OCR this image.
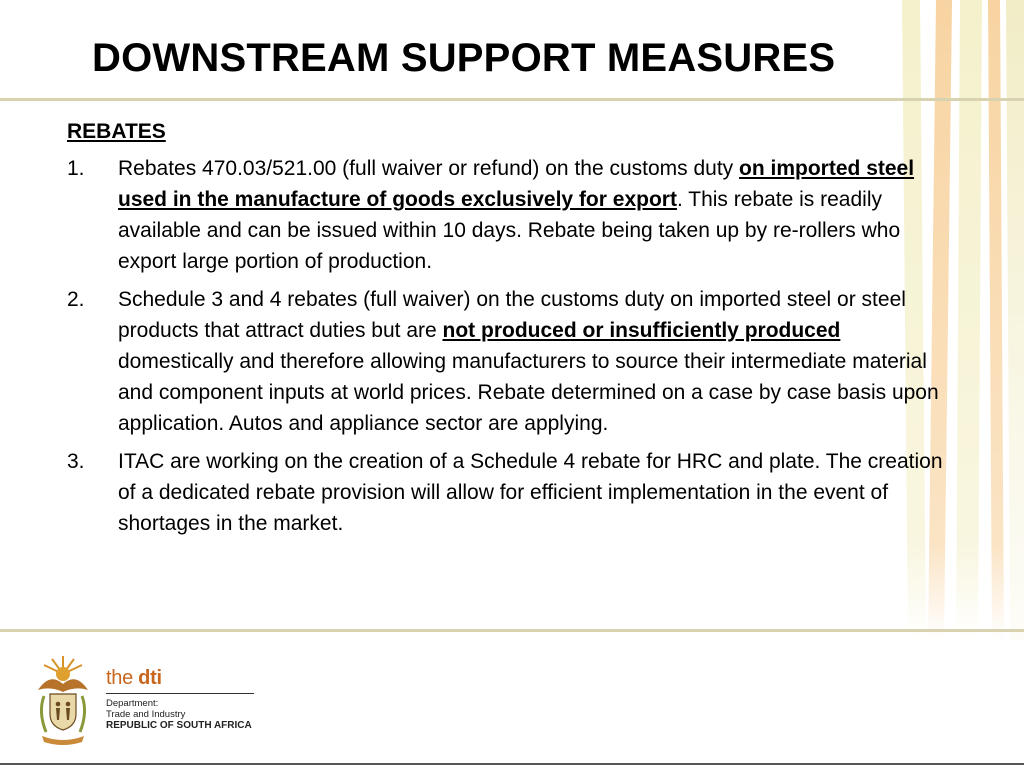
DOWNSTREAM SUPPORT MEASURES
REBATES
1. Rebates 470.03/521.00 (full waiver or refund) on the customs duty on imported steel used in the manufacture of goods exclusively for export. This rebate is readily available and can be issued within 10 days. Rebate being taken up by re-rollers who export large portion of production.
2. Schedule 3 and 4 rebates (full waiver) on the customs duty on imported steel or steel products that attract duties but are not produced or insufficiently produced domestically and therefore allowing manufacturers to source their intermediate material and component inputs at world prices. Rebate determined on a case by case basis upon application. Autos and appliance sector are applying.
3. ITAC are working on the creation of a Schedule 4 rebate for HRC and plate. The creation of a dedicated rebate provision will allow for efficient implementation in the event of shortages in the market.
the dti
Department:
Trade and Industry
REPUBLIC OF SOUTH AFRICA
